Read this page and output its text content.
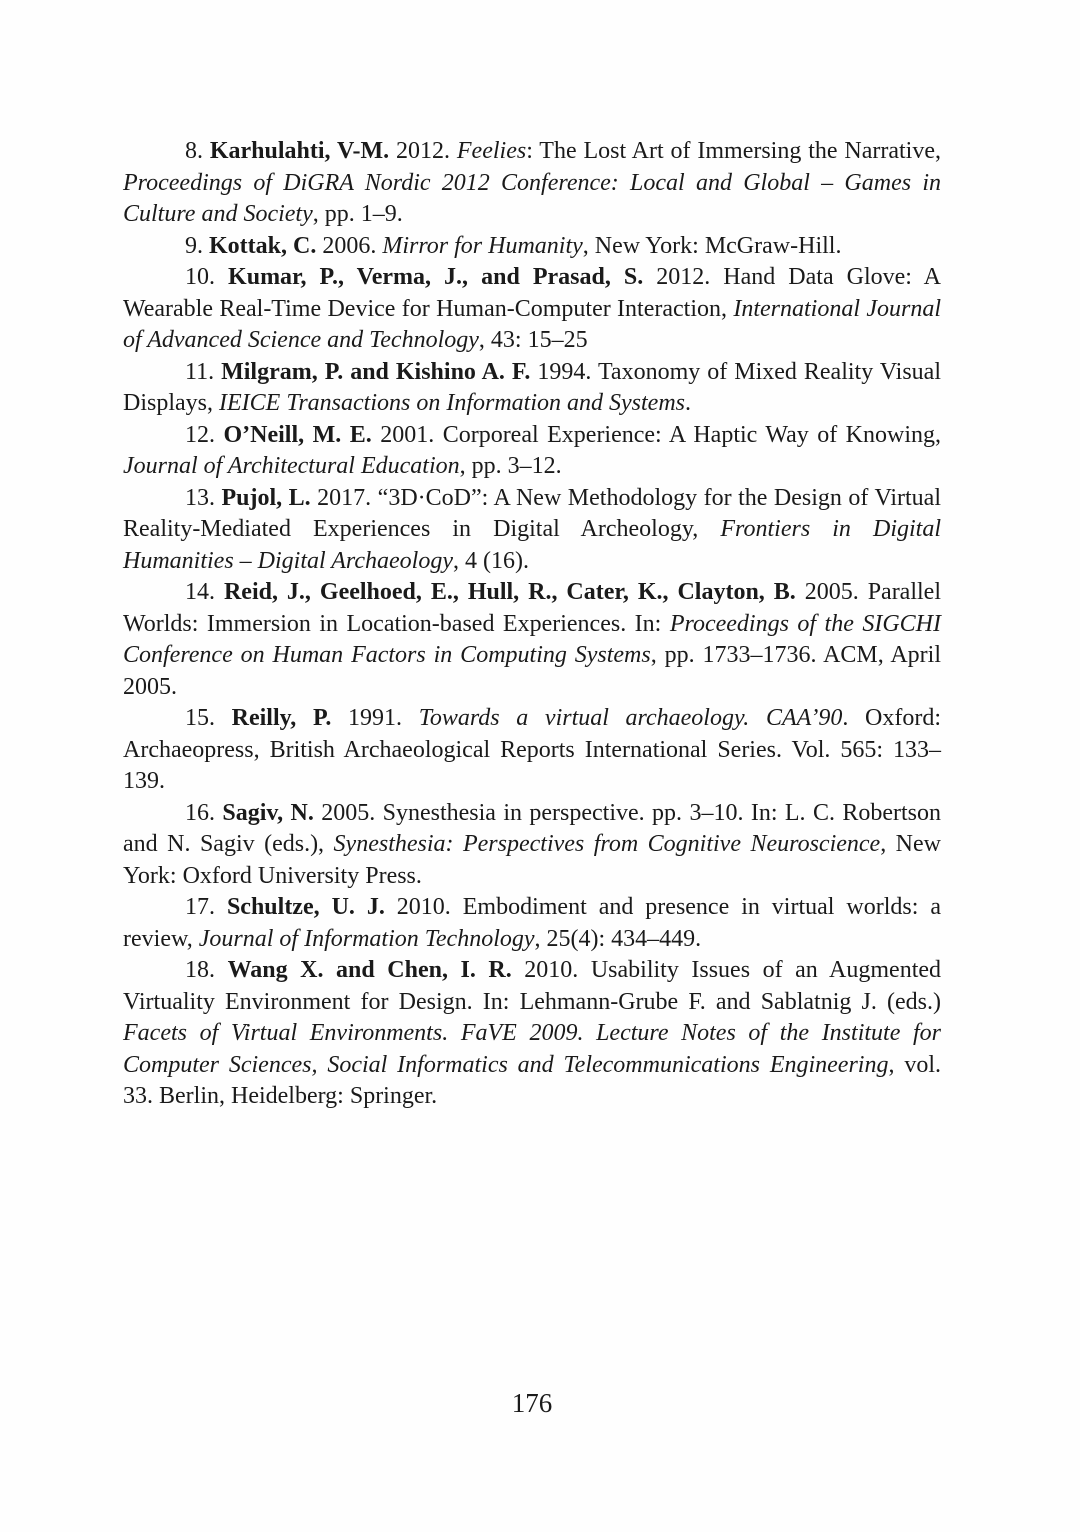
8. Karhulahti, V-M. 2012. Feelies: The Lost Art of Immersing the Narrative, Proceedings of DiGRA Nordic 2012 Conference: Local and Global – Games in Culture and Society, pp. 1–9.

9. Kottak, C. 2006. Mirror for Humanity, New York: McGraw-Hill.

10. Kumar, P., Verma, J., and Prasad, S. 2012. Hand Data Glove: A Wearable Real-Time Device for Human-Computer Interaction, International Journal of Advanced Science and Technology, 43: 15–25

11. Milgram, P. and Kishino A. F. 1994. Taxonomy of Mixed Reality Visual Displays, IEICE Transactions on Information and Systems.

12. O’Neill, M. E. 2001. Corporeal Experience: A Haptic Way of Knowing, Journal of Architectural Education, pp. 3–12.

13. Pujol, L. 2017. “3D·CoD”: A New Methodology for the Design of Virtual Reality-Mediated Experiences in Digital Archeology, Frontiers in Digital Humanities – Digital Archaeology, 4 (16).

14. Reid, J., Geelhoed, E., Hull, R., Cater, K., Clayton, B. 2005. Parallel Worlds: Immersion in Location-based Experiences. In: Proceedings of the SIGCHI Conference on Human Factors in Computing Systems, pp. 1733–1736. ACM, April 2005.

15. Reilly, P. 1991. Towards a virtual archaeology. CAA’90. Oxford: Archaeopress, British Archaeological Reports International Series. Vol. 565: 133–139.

16. Sagiv, N. 2005. Synesthesia in perspective. pp. 3–10. In: L. C. Robertson and N. Sagiv (eds.), Synesthesia: Perspectives from Cognitive Neuroscience, New York: Oxford University Press.

17. Schultze, U. J. 2010. Embodiment and presence in virtual worlds: a review, Journal of Information Technology, 25(4): 434–449.

18. Wang X. and Chen, I. R. 2010. Usability Issues of an Augmented Virtuality Environment for Design. In: Lehmann-Grube F. and Sablatnig J. (eds.) Facets of Virtual Environments. FaVE 2009. Lecture Notes of the Institute for Computer Sciences, Social Informatics and Telecommunications Engineering, vol. 33. Berlin, Heidelberg: Springer.

176
